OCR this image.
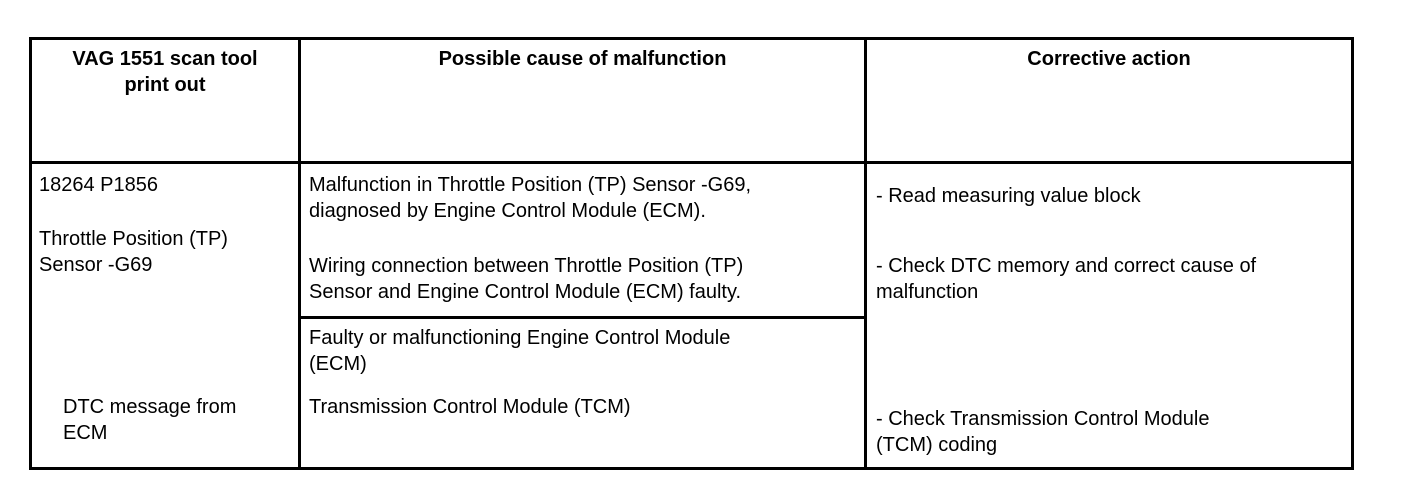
VAG 1551 scan tool
print out
Possible cause of malfunction	Corrective action
18264 P1856
Throttle Position (TP)
Sensor -G69
DTC message from
ECM
Malfunction in Throttle Position (TP) Sensor -G69,
diagnosed by Engine Control Module (ECM).
Wiring connection between Throttle Position (TP)
Sensor and Engine Control Module (ECM) faulty.
Faulty or malfunctioning Engine Control Module
(ECM)
Transmission Control Module (TCM)
- Read measuring value block
- Check DTC memory and correct cause of
malfunction
- Check Transmission Control Module
(TCM) coding
